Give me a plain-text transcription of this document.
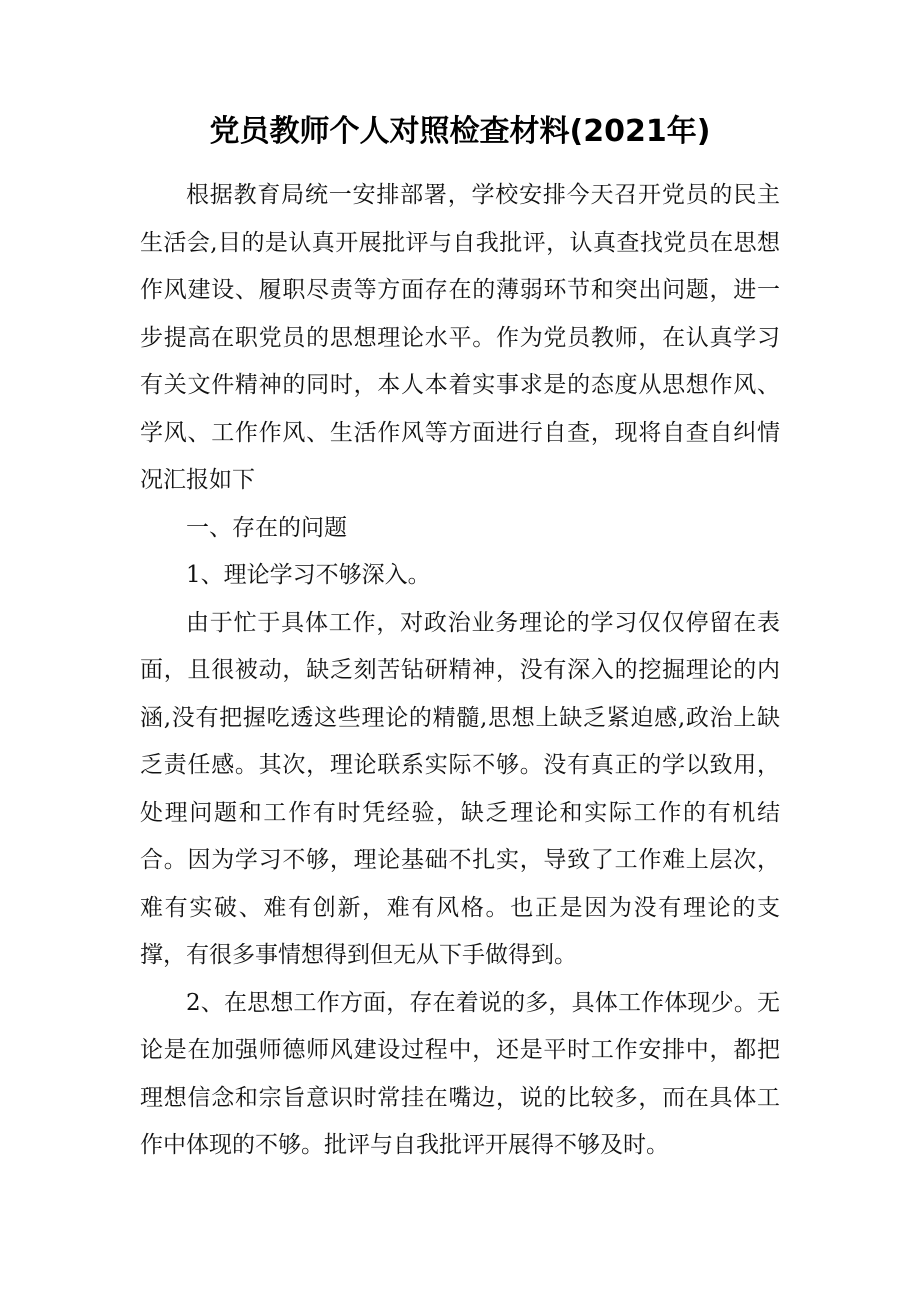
党员教师个人对照检查材料(2021年)

根据教育局统一安排部署，学校安排今天召开党员的民主生活会,目的是认真开展批评与自我批评，认真查找党员在思想作风建设、履职尽责等方面存在的薄弱环节和突出问题，进一步提高在职党员的思想理论水平。作为党员教师，在认真学习有关文件精神的同时，本人本着实事求是的态度从思想作风、学风、工作作风、生活作风等方面进行自查，现将自查自纠情况汇报如下

一、存在的问题

1、理论学习不够深入。

由于忙于具体工作，对政治业务理论的学习仅仅停留在表面，且很被动，缺乏刻苦钻研精神，没有深入的挖掘理论的内涵,没有把握吃透这些理论的精髓,思想上缺乏紧迫感,政治上缺乏责任感。其次，理论联系实际不够。没有真正的学以致用，处理问题和工作有时凭经验，缺乏理论和实际工作的有机结合。因为学习不够，理论基础不扎实，导致了工作难上层次，难有实破、难有创新，难有风格。也正是因为没有理论的支撑，有很多事情想得到但无从下手做得到。

2、在思想工作方面，存在着说的多，具体工作体现少。无论是在加强师德师风建设过程中，还是平时工作安排中，都把理想信念和宗旨意识时常挂在嘴边，说的比较多，而在具体工作中体现的不够。批评与自我批评开展得不够及时。
